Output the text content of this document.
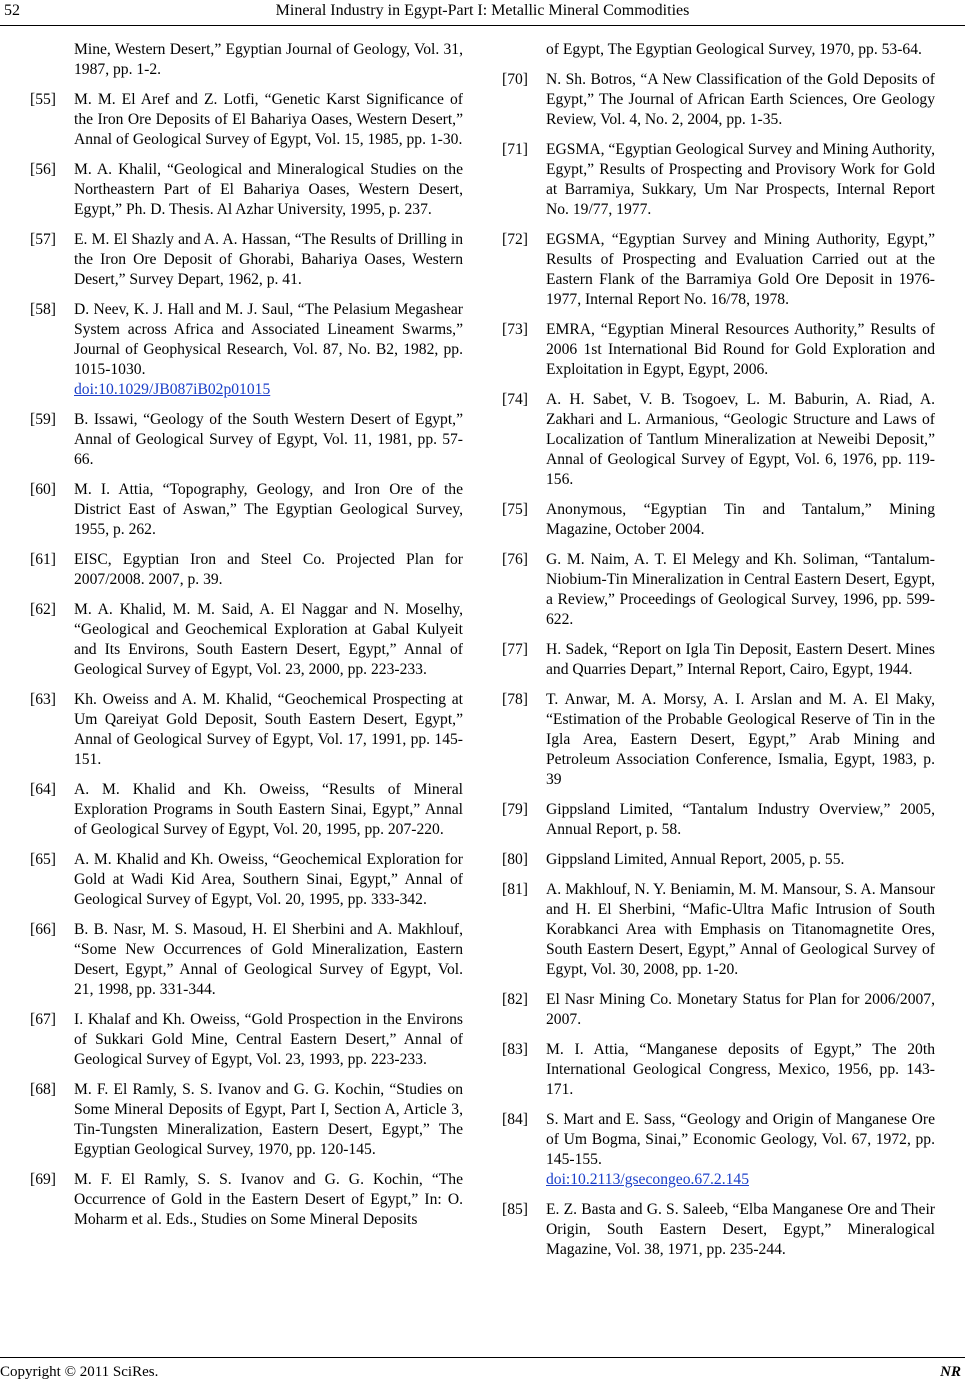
52	Mineral Industry in Egypt-Part I: Metallic Mineral Commodities
Mine, Western Desert,” Egyptian Journal of Geology, Vol. 31, 1987, pp. 1-2.
[55]	M. M. El Aref and Z. Lotfi, “Genetic Karst Significance of the Iron Ore Deposits of El Bahariya Oases, Western Desert,” Annal of Geological Survey of Egypt, Vol. 15, 1985, pp. 1-30.
[56]	M. A. Khalil, “Geological and Mineralogical Studies on the Northeastern Part of El Bahariya Oases, Western Desert, Egypt,” Ph. D. Thesis. Al Azhar University, 1995, p. 237.
[57]	E. M. El Shazly and A. A. Hassan, “The Results of Drilling in the Iron Ore Deposit of Ghorabi, Bahariya Oases, Western Desert,” Survey Depart, 1962, p. 41.
[58]	D. Neev, K. J. Hall and M. J. Saul, “The Pelasium Megashear System across Africa and Associated Lineament Swarms,” Journal of Geophysical Research, Vol. 87, No. B2, 1982, pp. 1015-1030.
doi:10.1029/JB087iB02p01015
[59]	B. Issawi, “Geology of the South Western Desert of Egypt,” Annal of Geological Survey of Egypt, Vol. 11, 1981, pp. 57-66.
[60]	M. I. Attia, “Topography, Geology, and Iron Ore of the District East of Aswan,” The Egyptian Geological Survey, 1955, p. 262.
[61]	EISC, Egyptian Iron and Steel Co. Projected Plan for 2007/2008. 2007, p. 39.
[62]	M. A. Khalid, M. M. Said, A. El Naggar and N. Moselhy, “Geological and Geochemical Exploration at Gabal Kulyeit and Its Environs, South Eastern Desert, Egypt,” Annal of Geological Survey of Egypt, Vol. 23, 2000, pp. 223-233.
[63]	Kh. Oweiss and A. M. Khalid, “Geochemical Prospecting at Um Qareiyat Gold Deposit, South Eastern Desert, Egypt,” Annal of Geological Survey of Egypt, Vol. 17, 1991, pp. 145-151.
[64]	A. M. Khalid and Kh. Oweiss, “Results of Mineral Exploration Programs in South Eastern Sinai, Egypt,” Annal of Geological Survey of Egypt, Vol. 20, 1995, pp. 207-220.
[65]	A. M. Khalid and Kh. Oweiss, “Geochemical Exploration for Gold at Wadi Kid Area, Southern Sinai, Egypt,” Annal of Geological Survey of Egypt, Vol. 20, 1995, pp. 333-342.
[66]	B. B. Nasr, M. S. Masoud, H. El Sherbini and A. Makhlouf, “Some New Occurrences of Gold Mineralization, Eastern Desert, Egypt,” Annal of Geological Survey of Egypt, Vol. 21, 1998, pp. 331-344.
[67]	I. Khalaf and Kh. Oweiss, “Gold Prospection in the Environs of Sukkari Gold Mine, Central Eastern Desert,” Annal of Geological Survey of Egypt, Vol. 23, 1993, pp. 223-233.
[68]	M. F. El Ramly, S. S. Ivanov and G. G. Kochin, “Studies on Some Mineral Deposits of Egypt, Part I, Section A, Article 3, Tin-Tungsten Mineralization, Eastern Desert, Egypt,” The Egyptian Geological Survey, 1970, pp. 120-145.
[69]	M. F. El Ramly, S. S. Ivanov and G. G. Kochin, “The Occurrence of Gold in the Eastern Desert of Egypt,” In: O. Moharm et al. Eds., Studies on Some Mineral Deposits
of Egypt, The Egyptian Geological Survey, 1970, pp. 53-64.
[70]	N. Sh. Botros, “A New Classification of the Gold Deposits of Egypt,” The Journal of African Earth Sciences, Ore Geology Review, Vol. 4, No. 2, 2004, pp. 1-35.
[71]	EGSMA, “Egyptian Geological Survey and Mining Authority, Egypt,” Results of Prospecting and Provisory Work for Gold at Barramiya, Sukkary, Um Nar Prospects, Internal Report No. 19/77, 1977.
[72]	EGSMA, “Egyptian Survey and Mining Authority, Egypt,” Results of Prospecting and Evaluation Carried out at the Eastern Flank of the Barramiya Gold Ore Deposit in 1976-1977, Internal Report No. 16/78, 1978.
[73]	EMRA, “Egyptian Mineral Resources Authority,” Results of 2006 1st International Bid Round for Gold Exploration and Exploitation in Egypt, Egypt, 2006.
[74]	A. H. Sabet, V. B. Tsogoev, L. M. Baburin, A. Riad, A. Zakhari and L. Armanious, “Geologic Structure and Laws of Localization of Tantlum Mineralization at Neweibi Deposit,” Annal of Geological Survey of Egypt, Vol. 6, 1976, pp. 119-156.
[75]	Anonymous, “Egyptian Tin and Tantalum,” Mining Magazine, October 2004.
[76]	G. M. Naim, A. T. El Melegy and Kh. Soliman, “Tantalum-Niobium-Tin Mineralization in Central Eastern Desert, Egypt, a Review,” Proceedings of Geological Survey, 1996, pp. 599-622.
[77]	H. Sadek, “Report on Igla Tin Deposit, Eastern Desert. Mines and Quarries Depart,” Internal Report, Cairo, Egypt, 1944.
[78]	T. Anwar, M. A. Morsy, A. I. Arslan and M. A. El Maky, “Estimation of the Probable Geological Reserve of Tin in the Igla Area, Eastern Desert, Egypt,” Arab Mining and Petroleum Association Conference, Ismalia, Egypt, 1983, p. 39
[79]	Gippsland Limited, “Tantalum Industry Overview,” 2005, Annual Report, p. 58.
[80]	Gippsland Limited, Annual Report, 2005, p. 55.
[81]	A. Makhlouf, N. Y. Beniamin, M. M. Mansour, S. A. Mansour and H. El Sherbini, “Mafic-Ultra Mafic Intrusion of South Korabkanci Area with Emphasis on Titanomagnetite Ores, South Eastern Desert, Egypt,” Annal of Geological Survey of Egypt, Vol. 30, 2008, pp. 1-20.
[82]	El Nasr Mining Co. Monetary Status for Plan for 2006/2007, 2007.
[83]	M. I. Attia, “Manganese deposits of Egypt,” The 20th International Geological Congress, Mexico, 1956, pp. 143-171.
[84]	S. Mart and E. Sass, “Geology and Origin of Manganese Ore of Um Bogma, Sinai,” Economic Geology, Vol. 67, 1972, pp. 145-155.
doi:10.2113/gsecongeo.67.2.145
[85]	E. Z. Basta and G. S. Saleeb, “Elba Manganese Ore and Their Origin, South Eastern Desert, Egypt,” Mineralogical Magazine, Vol. 38, 1971, pp. 235-244.
Copyright © 2011 SciRes.	NR
